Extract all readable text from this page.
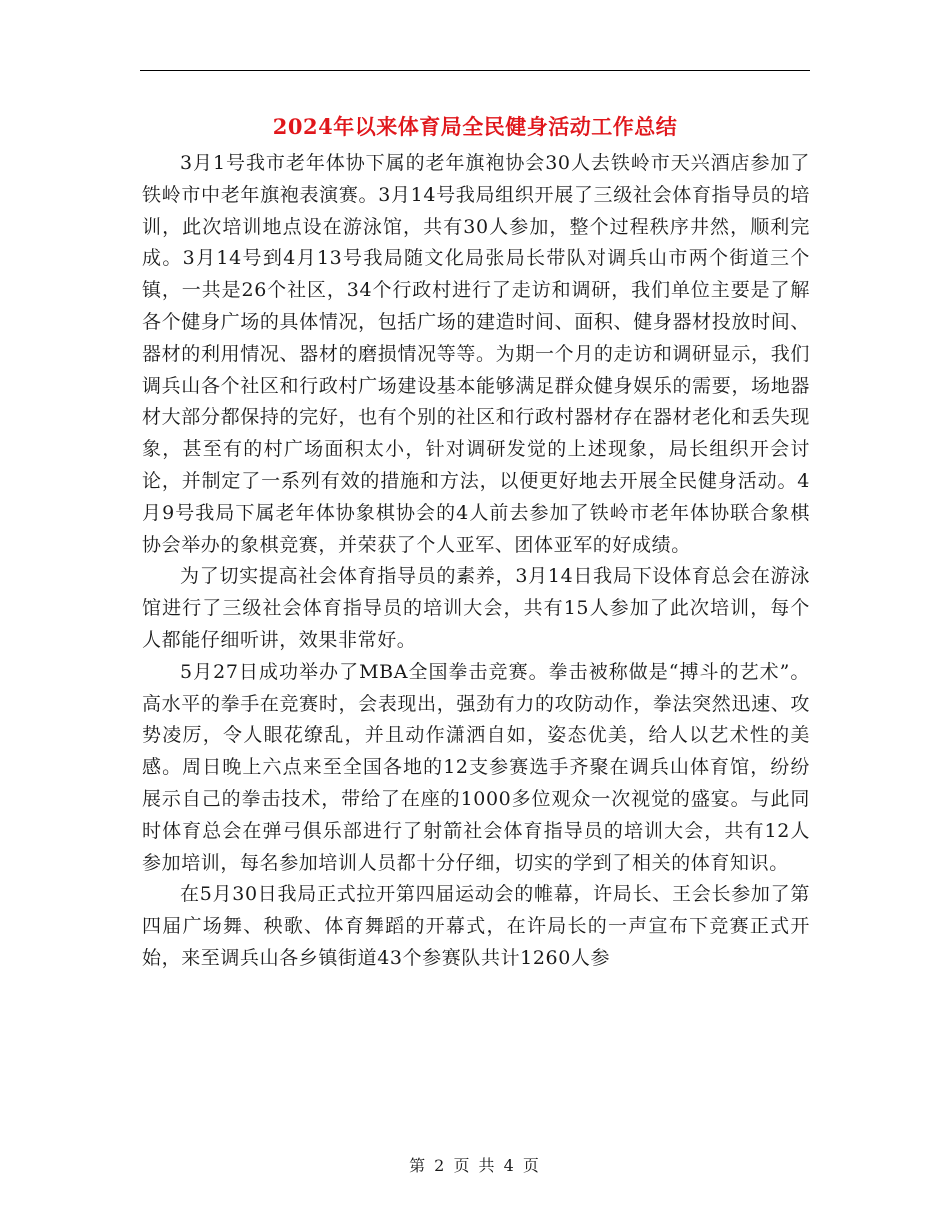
2024年以来体育局全民健身活动工作总结

3月1号我市老年体协下属的老年旗袍协会30人去铁岭市天兴酒店参加了铁岭市中老年旗袍表演赛。3月14号我局组织开展了三级社会体育指导员的培训，此次培训地点设在游泳馆，共有30人参加，整个过程秩序井然，顺利完成。3月14号到4月13号我局随文化局张局长带队对调兵山市两个街道三个镇，一共是26个社区，34个行政村进行了走访和调研，我们单位主要是了解各个健身广场的具体情况，包括广场的建造时间、面积、健身器材投放时间、器材的利用情况、器材的磨损情况等等。为期一个月的走访和调研显示，我们调兵山各个社区和行政村广场建设基本能够满足群众健身娱乐的需要，场地器材大部分都保持的完好，也有个别的社区和行政村器材存在器材老化和丢失现象，甚至有的村广场面积太小，针对调研发觉的上述现象，局长组织开会讨论，并制定了一系列有效的措施和方法，以便更好地去开展全民健身活动。4月9号我局下属老年体协象棋协会的4人前去参加了铁岭市老年体协联合象棋协会举办的象棋竞赛，并荣获了个人亚军、团体亚军的好成绩。

为了切实提高社会体育指导员的素养，3月14日我局下设体育总会在游泳馆进行了三级社会体育指导员的培训大会，共有15人参加了此次培训，每个人都能仔细听讲，效果非常好。

5月27日成功举办了MBA全国拳击竞赛。拳击被称做是“搏斗的艺术”。高水平的拳手在竞赛时，会表现出，强劲有力的攻防动作，拳法突然迅速、攻势凌厉，令人眼花缭乱，并且动作潇洒自如，姿态优美，给人以艺术性的美感。周日晚上六点来至全国各地的12支参赛选手齐聚在调兵山体育馆，纷纷展示自己的拳击技术，带给了在座的1000多位观众一次视觉的盛宴。与此同时体育总会在弹弓俱乐部进行了射箭社会体育指导员的培训大会，共有12人参加培训，每名参加培训人员都十分仔细，切实的学到了相关的体育知识。

在5月30日我局正式拉开第四届运动会的帷幕，许局长、王会长参加了第四届广场舞、秧歌、体育舞蹈的开幕式，在许局长的一声宣布下竞赛正式开始，来至调兵山各乡镇街道43个参赛队共计1260人参

第 2 页 共 4 页
